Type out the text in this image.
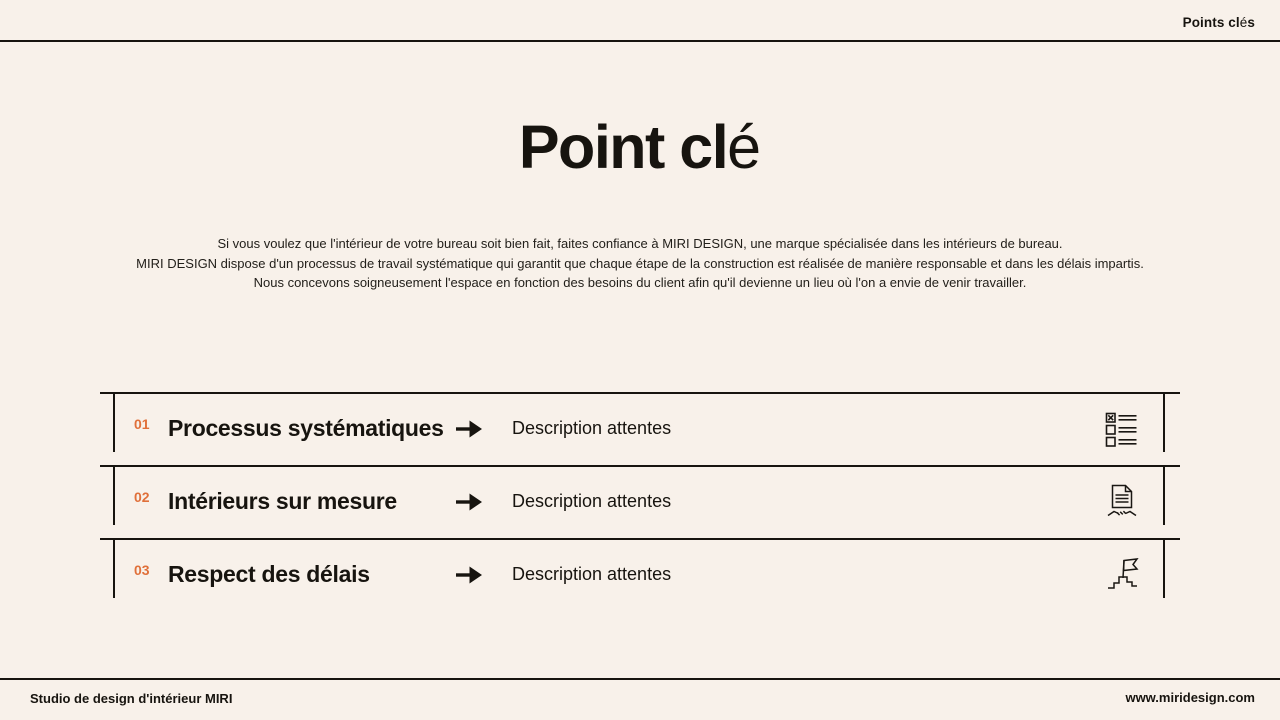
Points clés
Point clé
Si vous voulez que l'intérieur de votre bureau soit bien fait, faites confiance à MIRI DESIGN, une marque spécialisée dans les intérieurs de bureau.
MIRI DESIGN dispose d'un processus de travail systématique qui garantit que chaque étape de la construction est réalisée de manière responsable et dans les délais impartis.
Nous concevons soigneusement l'espace en fonction des besoins du client afin qu'il devienne un lieu où l'on a envie de venir travailler.
01 Processus systématiques	Description attentes
02 Intérieurs sur mesure	Description attentes
03 Respect des délais	Description attentes
Studio de design d'intérieur MIRI	www.miridesign.com
